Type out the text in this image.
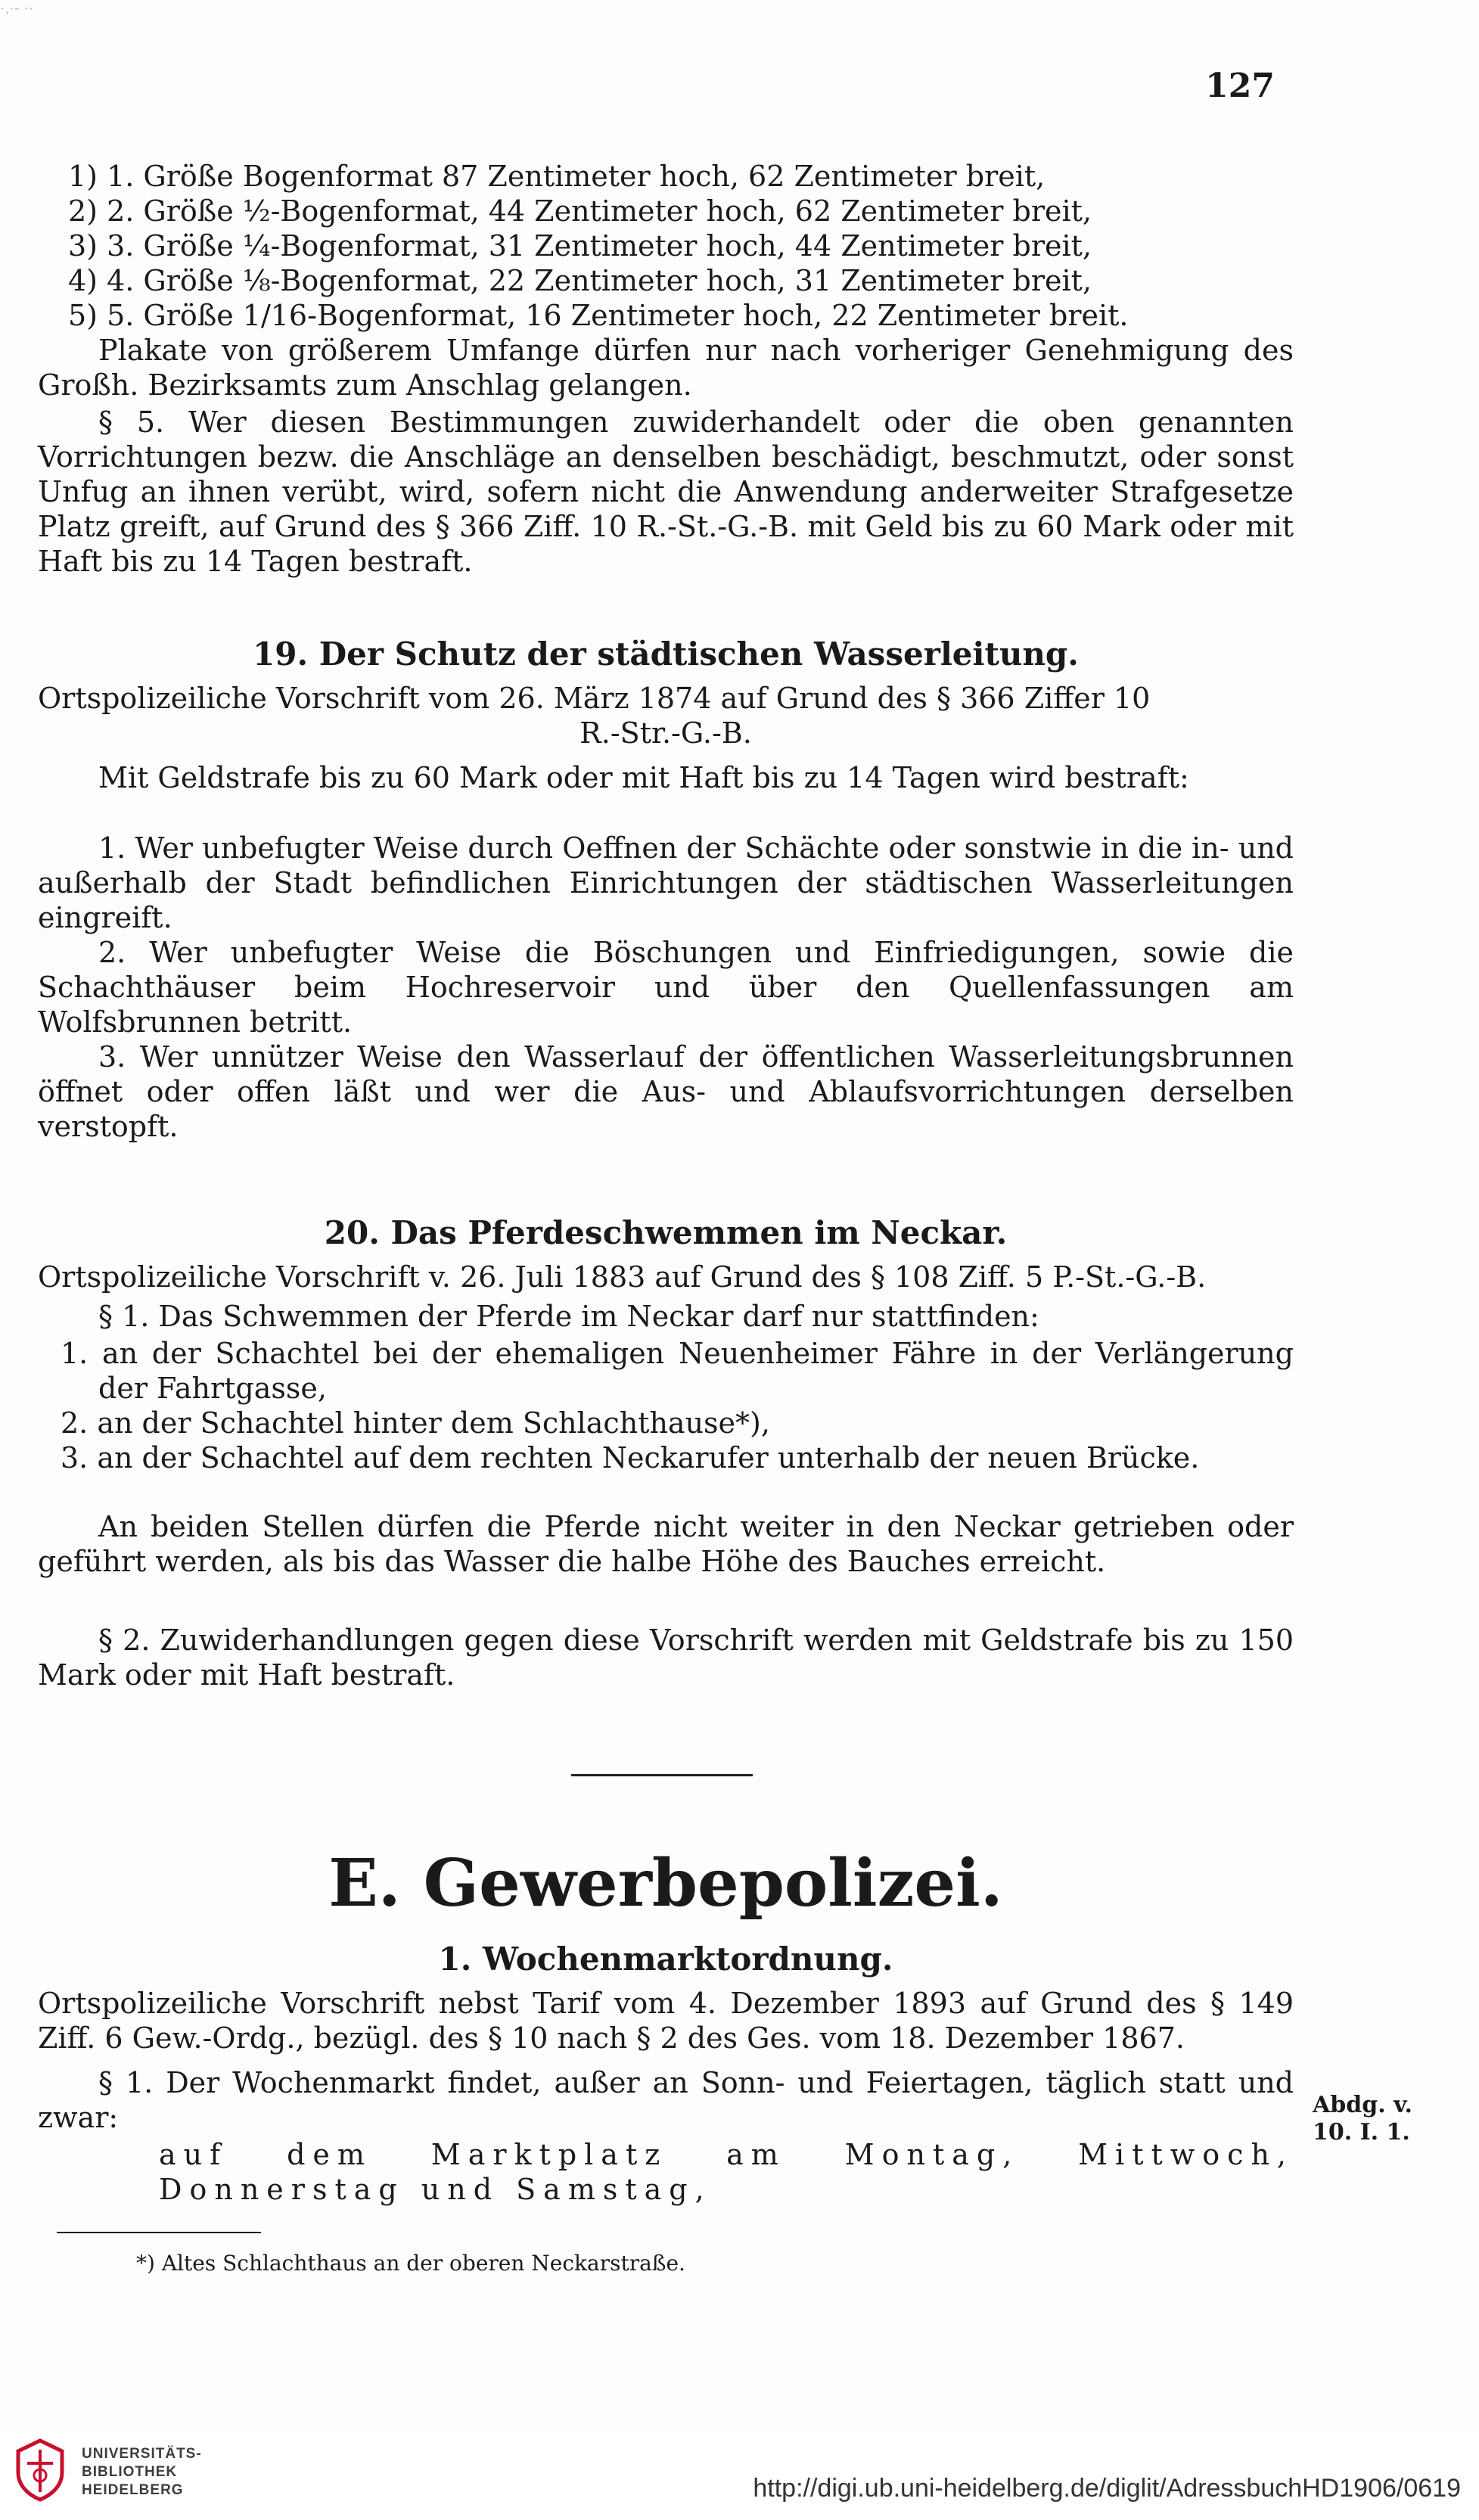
·,·- ··
127
1) 1. Größe Bogenformat 87 Zentimeter hoch, 62 Zentimeter breit,
2) 2. Größe ½-Bogenformat, 44 Zentimeter hoch, 62 Zentimeter breit,
3) 3. Größe ¼-Bogenformat, 31 Zentimeter hoch, 44 Zentimeter breit,
4) 4. Größe ⅛-Bogenformat, 22 Zentimeter hoch, 31 Zentimeter breit,
5) 5. Größe 1/16-Bogenformat, 16 Zentimeter hoch, 22 Zentimeter breit.
Plakate von größerem Umfange dürfen nur nach vorheriger Genehmigung des Großh. Bezirksamts zum Anschlag gelangen.
§ 5. Wer diesen Bestimmungen zuwiderhandelt oder die oben genannten Vorrichtungen bezw. die Anschläge an denselben beschädigt, beschmutzt, oder sonst Unfug an ihnen verübt, wird, sofern nicht die Anwendung anderweiter Strafgesetze Platz greift, auf Grund des § 366 Ziff. 10 R.-St.-G.-B. mit Geld bis zu 60 Mark oder mit Haft bis zu 14 Tagen bestraft.
19. Der Schutz der städtischen Wasserleitung.
Ortspolizeiliche Vorschrift vom 26. März 1874 auf Grund des § 366 Ziffer 10
R.-Str.-G.-B.
Mit Geldstrafe bis zu 60 Mark oder mit Haft bis zu 14 Tagen wird bestraft:
1. Wer unbefugter Weise durch Oeffnen der Schächte oder sonstwie in die in- und außerhalb der Stadt befindlichen Einrichtungen der städtischen Wasserleitungen eingreift.
2. Wer unbefugter Weise die Böschungen und Einfriedigungen, sowie die Schachthäuser beim Hochreservoir und über den Quellenfassungen am Wolfsbrunnen betritt.
3. Wer unnützer Weise den Wasserlauf der öffentlichen Wasserleitungsbrunnen öffnet oder offen läßt und wer die Aus- und Ablaufsvorrichtungen derselben verstopft.
20. Das Pferdeschwemmen im Neckar.
Ortspolizeiliche Vorschrift v. 26. Juli 1883 auf Grund des § 108 Ziff. 5 P.-St.-G.-B.
§ 1. Das Schwemmen der Pferde im Neckar darf nur stattfinden:
1. an der Schachtel bei der ehemaligen Neuenheimer Fähre in der Verlängerung der Fahrtgasse,
2. an der Schachtel hinter dem Schlachthause*),
3. an der Schachtel auf dem rechten Neckarufer unterhalb der neuen Brücke.
An beiden Stellen dürfen die Pferde nicht weiter in den Neckar getrieben oder geführt werden, als bis das Wasser die halbe Höhe des Bauches erreicht.
§ 2. Zuwiderhandlungen gegen diese Vorschrift werden mit Geldstrafe bis zu 150 Mark oder mit Haft bestraft.
E. Gewerbepolizei.
1. Wochenmarktordnung.
Ortspolizeiliche Vorschrift nebst Tarif vom 4. Dezember 1893 auf Grund des § 149 Ziff. 6 Gew.-Ordg., bezügl. des § 10 nach § 2 des Ges. vom 18. Dezember 1867.
§ 1. Der Wochenmarkt findet, außer an Sonn- und Feiertagen, täglich statt und zwar:
auf dem Marktplatz am Montag, Mittwoch, Donnerstag und Samstag,
Abdg. v.
10. I. 1.
*) Altes Schlachthaus an der oberen Neckarstraße.
UNIVERSITÄTS-
BIBLIOTHEK
HEIDELBERG	http://digi.ub.uni-heidelberg.de/diglit/AdressbuchHD1906/0619
